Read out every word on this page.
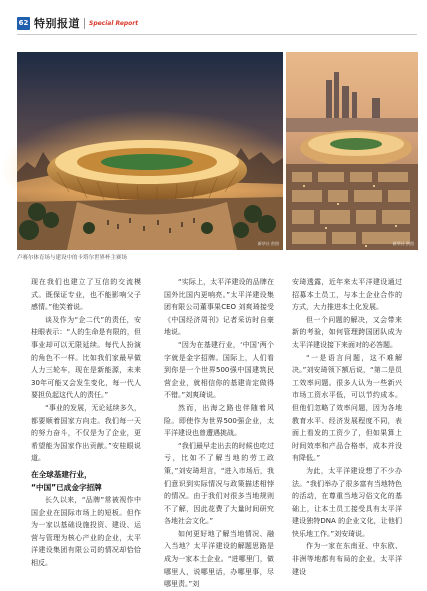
62 特别报道 Special Report
新华社 供图	新华社 供图
卢赛尔体育场与建设中的卡塔尔世界杯主赛场

现在我们也建立了互信的交流模式。既保证专业，也不能影响父子感情。”他笑着说。

谈及作为“企二代”的责任，安桂眼表示：“人的生命是有限的，但事业却可以无限延续。每代人扮演的角色不一样。比如我们家最早做人力三轮车，现在是新能源，未来30年可能又会发生变化，每一代人要担负起这代人的责任。”

“事业的发展，无论延续多久，都要顺着国家方向走。我们每一天的努力奋斗，不仅是为了企业，更希望能为国家作出贡献。”安桂眼说道。

在全球基建行业，
“中国”已成金字招牌

长久以来，“品牌”常被视作中国企业在国际市场上的短板。但作为一家以基础设施投资、建设、运营与管理为核心产业的企业，太平洋建设集团有限公司的情况却恰恰相反。

“实际上，太平洋建设的品牌在国外比国内更响亮。”太平洋建设集团有限公司董事果CEO 刘爽琦接受《中国经济周刊》记者采访时自豪地说。

“因为在基建行业，‘中国’两个字就是金字招牌。国际上，人们看到你是一个世界500强中国建筑民营企业，就相信你的基建肯定做得不错。”刘爽琦说。

然而，出海之路也伴随着风险。即使作为世界500强企业，太平洋建设也曾遭遇挑战。

“我们最早走出去的时候也吃过亏，比如不了解当地的劳工政策，”刘安琦坦言，“进入市场后，我们意识到实际情况与政策描述相悖的情况。由于我们对很多当地规则不了解，因此花费了大量时间研究各地社会文化。”

如何更好地了解当地情况、融入当地？太平洋建设的解题思路是成为一家本土企业。“进哪里门，做哪里人，说哪里话，办哪里事，尽哪里责。”刘

安琦透露，近年来太平洋建设通过招募本土员工，与本土企业合作的方式，大力推进本土化发展。

但一个问题的解决，又会带来新的考验，如何管理跨国团队成为太平洋建设接下来面对的必答题。

“一是语言问题，这不难解决。”刘安琦领下额后说，“第二是员工效率问题。很多人认为一些新兴市场工资水平低，可以节约成本。但他们忽略了效率问题，因为各地教育水平、经济发展程度不同，表面上看发的工资少了，但如果算上时间效率和产品合格率，成本并没有降低。”

为此，太平洋建设想了不少办法。“我们举办了很多富有当地特色的活动，在尊重当地习俗文化的基础上，让本土员工接受具有太平洋建设独特DNA 的企业文化，让他们快乐地工作。”刘安琦说。

作为一家在东南亚、中东欧、非洲等地都有布局的企业，太平洋建设
